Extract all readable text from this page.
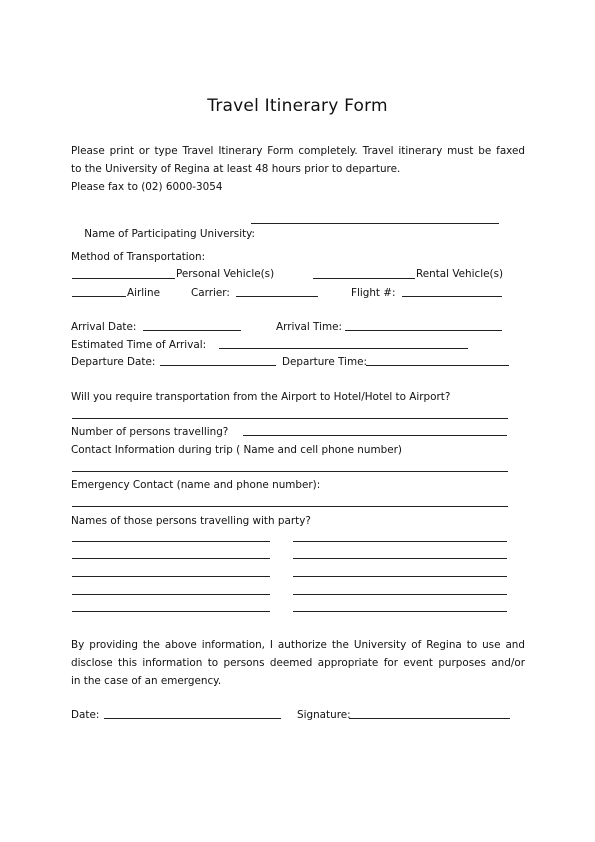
Travel Itinerary Form
Please print or type Travel Itinerary Form completely. Travel itinerary must be faxed
to the University of Regina at least 48 hours prior to departure.
Please fax to (02) 6000-3054

Name of Participating University:

Method of Transportation:
Personal Vehicle(s)	Rental Vehicle(s)
Airline	Carrier:	Flight #:
Arrival Date:	Arrival Time:
Estimated Time of Arrival:
Departure Date:	Departure Time:
Will you require transportation from the Airport to Hotel/Hotel to Airport?
Number of persons travelling?
Contact Information during trip ( Name and cell phone number)
Emergency Contact (name and phone number):
Names of those persons travelling with party?
By providing the above information, I authorize the University of Regina to use and
disclose this information to persons deemed appropriate for event purposes and/or
in the case of an emergency.
Date:	Signature:
